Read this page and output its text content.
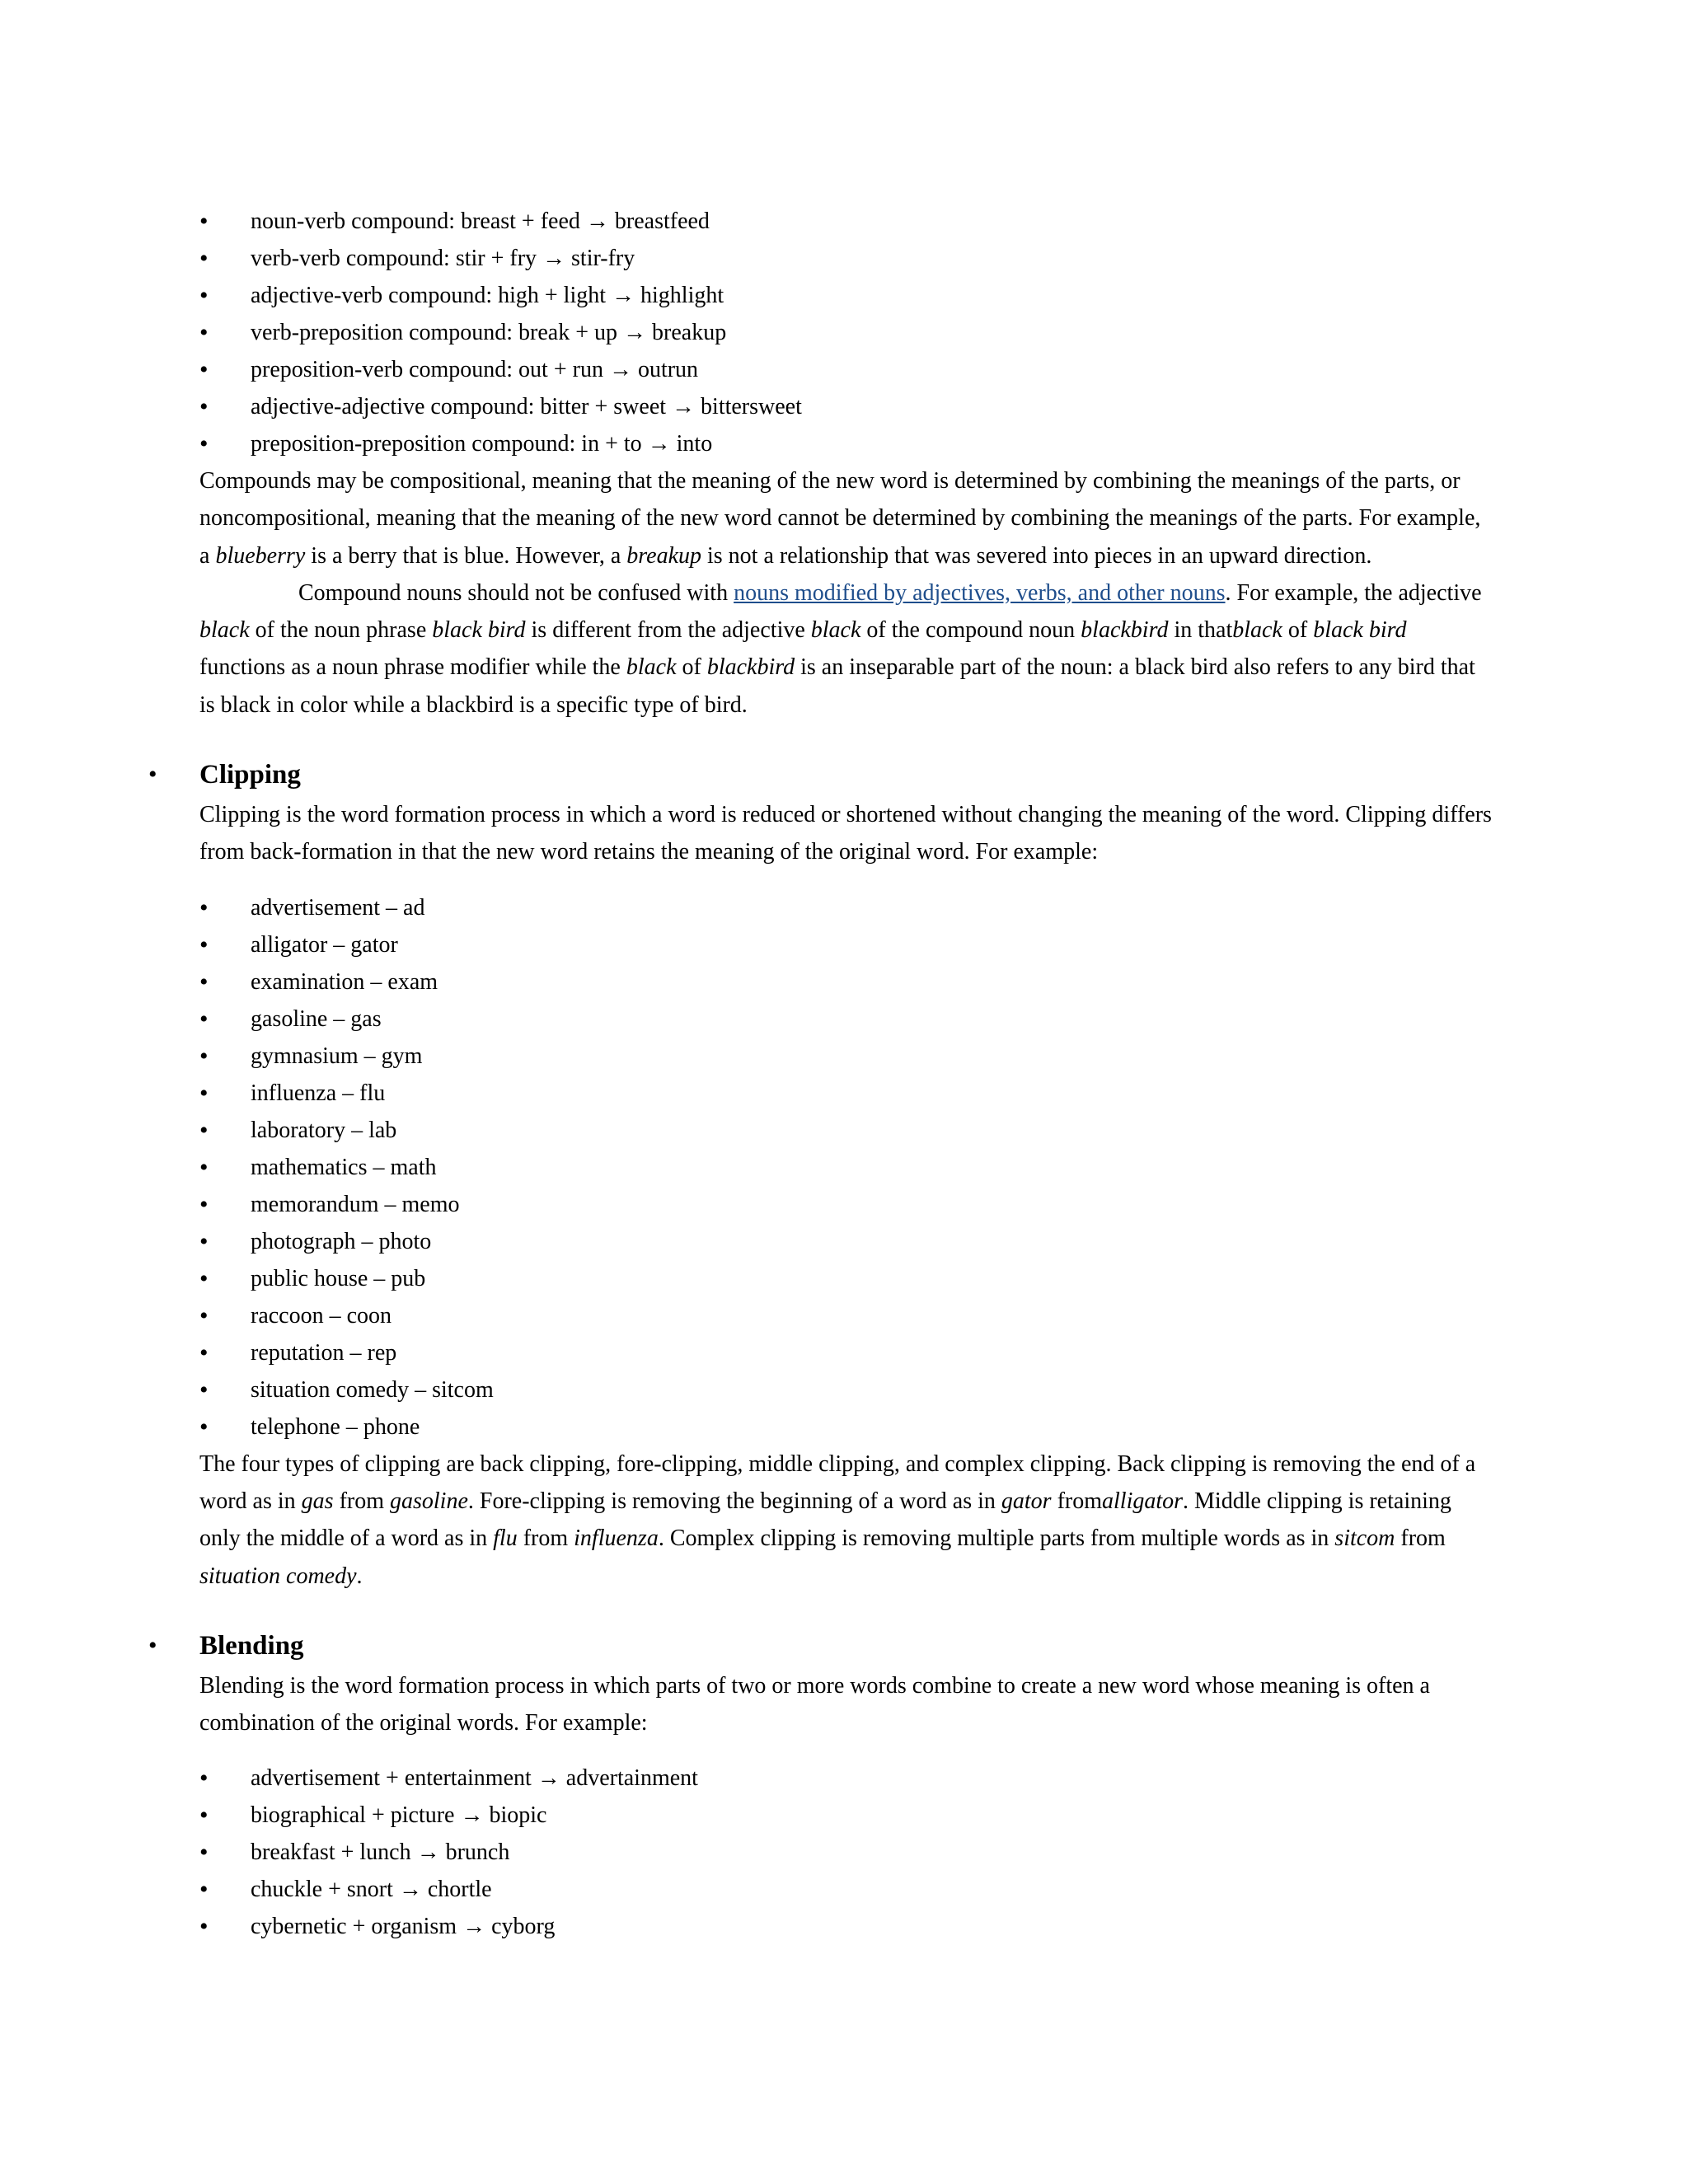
• noun-verb compound: breast + feed → breastfeed
• verb-verb compound: stir + fry → stir-fry
• adjective-verb compound: high + light → highlight
• verb-preposition compound: break + up → breakup
• preposition-verb compound: out + run → outrun
• adjective-adjective compound: bitter + sweet → bittersweet
• preposition-preposition compound: in + to → into

Compounds may be compositional, meaning that the meaning of the new word is determined by combining the meanings of the parts, or noncompositional, meaning that the meaning of the new word cannot be determined by combining the meanings of the parts. For example, a blueberry is a berry that is blue. However, a breakup is not a relationship that was severed into pieces in an upward direction.

Compound nouns should not be confused with nouns modified by adjectives, verbs, and other nouns. For example, the adjective black of the noun phrase black bird is different from the adjective black of the compound noun blackbird in thatblack of black bird functions as a noun phrase modifier while the black of blackbird is an inseparable part of the noun: a black bird also refers to any bird that is black in color while a blackbird is a specific type of bird.

• Clipping

Clipping is the word formation process in which a word is reduced or shortened without changing the meaning of the word. Clipping differs from back-formation in that the new word retains the meaning of the original word. For example:

• advertisement – ad
• alligator – gator
• examination – exam
• gasoline – gas
• gymnasium – gym
• influenza – flu
• laboratory – lab
• mathematics – math
• memorandum – memo
• photograph – photo
• public house – pub
• raccoon – coon
• reputation – rep
• situation comedy – sitcom
• telephone – phone

The four types of clipping are back clipping, fore-clipping, middle clipping, and complex clipping. Back clipping is removing the end of a word as in gas from gasoline. Fore-clipping is removing the beginning of a word as in gator fromalligator. Middle clipping is retaining only the middle of a word as in flu from influenza. Complex clipping is removing multiple parts from multiple words as in sitcom from situation comedy.

• Blending

Blending is the word formation process in which parts of two or more words combine to create a new word whose meaning is often a combination of the original words. For example:

• advertisement + entertainment → advertainment
• biographical + picture → biopic
• breakfast + lunch → brunch
• chuckle + snort → chortle
• cybernetic + organism → cyborg
